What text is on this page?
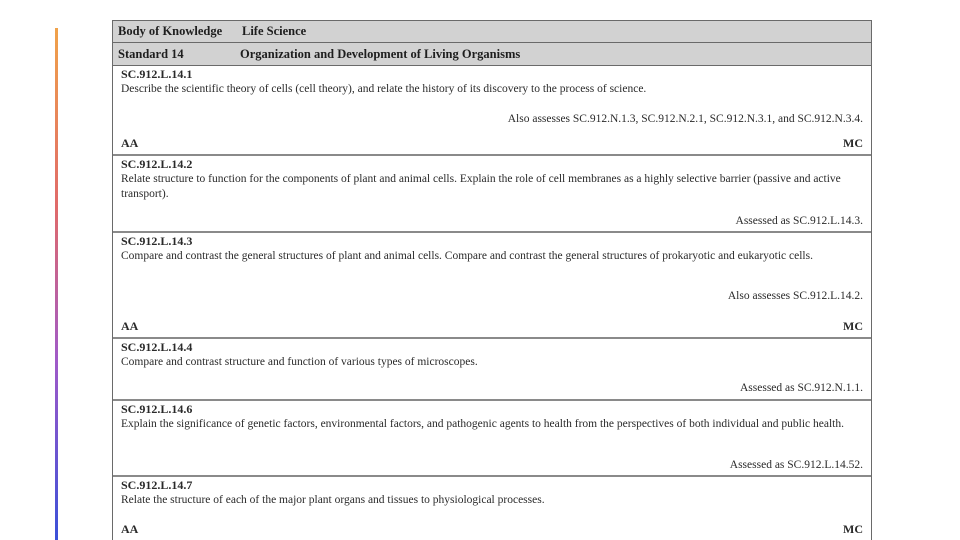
Body of Knowledge	Life Science
Standard 14	Organization and Development of Living Organisms
SC.912.L.14.1
Describe the scientific theory of cells (cell theory), and relate the history of its discovery to the process of science.
Also assesses SC.912.N.1.3, SC.912.N.2.1, SC.912.N.3.1, and SC.912.N.3.4.
AA	MC
SC.912.L.14.2
Relate structure to function for the components of plant and animal cells. Explain the role of cell membranes as a highly selective barrier (passive and active transport).
Assessed as SC.912.L.14.3.
SC.912.L.14.3
Compare and contrast the general structures of plant and animal cells. Compare and contrast the general structures of prokaryotic and eukaryotic cells.
Also assesses SC.912.L.14.2.
AA	MC
SC.912.L.14.4
Compare and contrast structure and function of various types of microscopes.
Assessed as SC.912.N.1.1.
SC.912.L.14.6
Explain the significance of genetic factors, environmental factors, and pathogenic agents to health from the perspectives of both individual and public health.
Assessed as SC.912.L.14.52.
SC.912.L.14.7
Relate the structure of each of the major plant organs and tissues to physiological processes.
AA	MC
